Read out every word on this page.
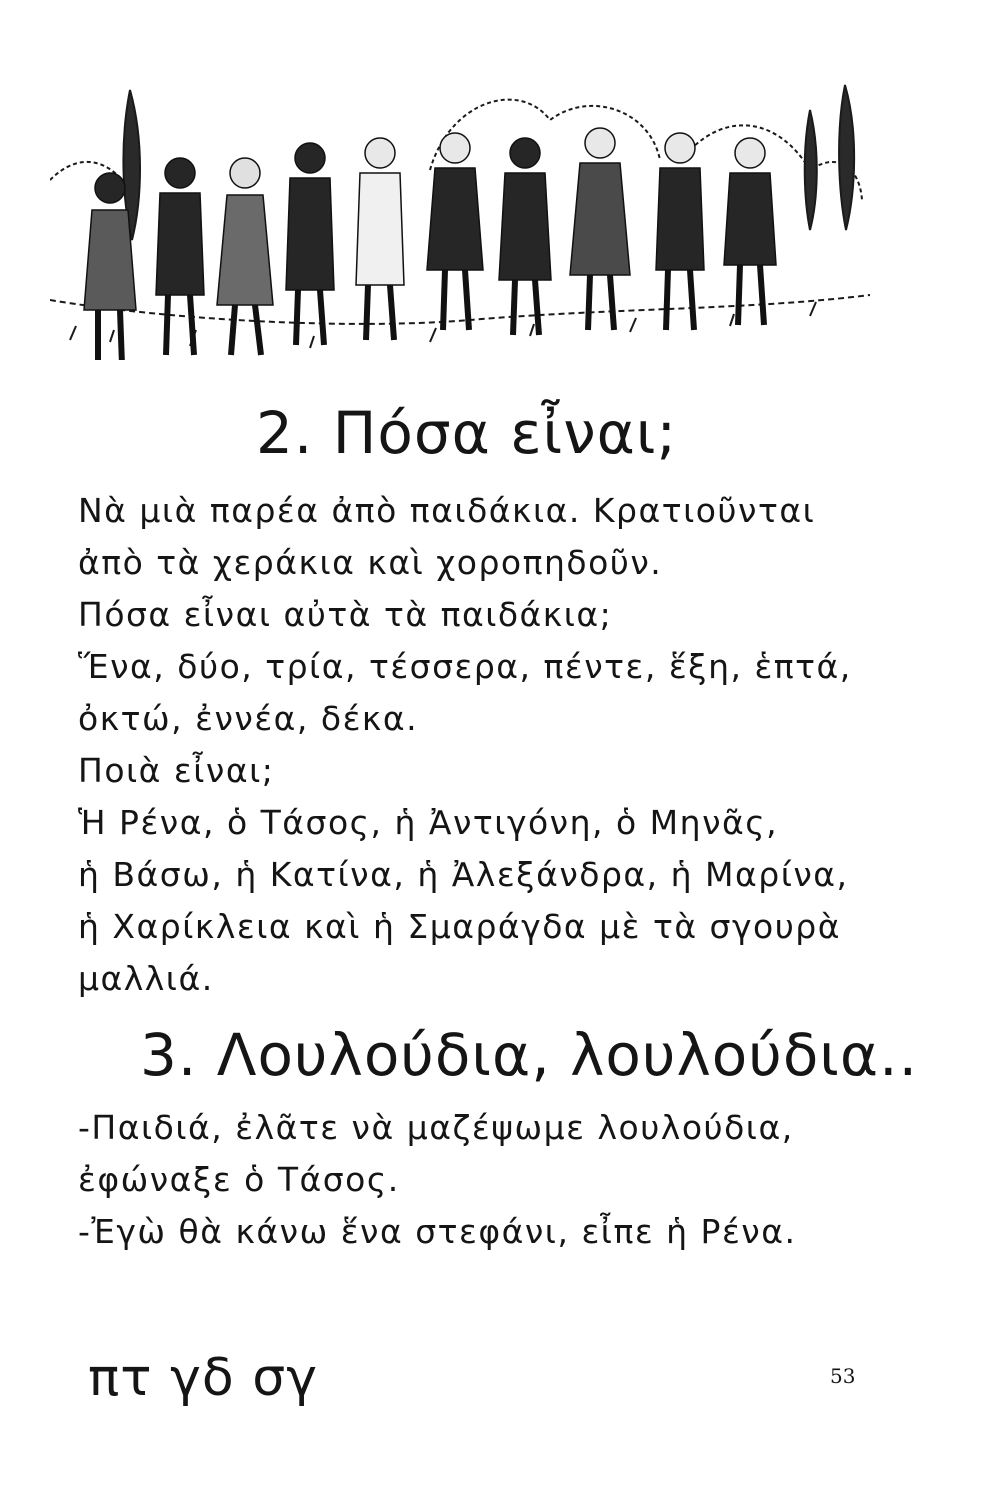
2. Πόσα εἶναι;
Νὰ μιὰ παρέα ἀπὸ παιδάκια. Κρατιοῦνται
ἀπὸ τὰ χεράκια καὶ χοροπηδοῦν.
Πόσα εἶναι αὐτὰ τὰ παιδάκια;
Ἕνα, δύο, τρία, τέσσερα, πέντε, ἕξη, ἑπτά,
ὀκτώ, ἐννέα, δέκα.
Ποιὰ εἶναι;
Ἡ Ρένα, ὁ Τάσος, ἡ Ἀντιγόνη, ὁ Μηνᾶς,
ἡ Βάσω, ἡ Κατίνα, ἡ Ἀλεξάνδρα, ἡ Μαρίνα,
ἡ Χαρίκλεια καὶ ἡ Σμαράγδα μὲ τὰ σγουρὰ
μαλλιά.
3. Λουλούδια, λουλούδια..
-Παιδιά, ἐλᾶτε νὰ μαζέψωμε λουλούδια,
ἐφώναξε ὁ Τάσος.
-Ἐγὼ θὰ κάνω ἕνα στεφάνι, εἶπε ἡ Ρένα.
πτ γδ σγ	53
